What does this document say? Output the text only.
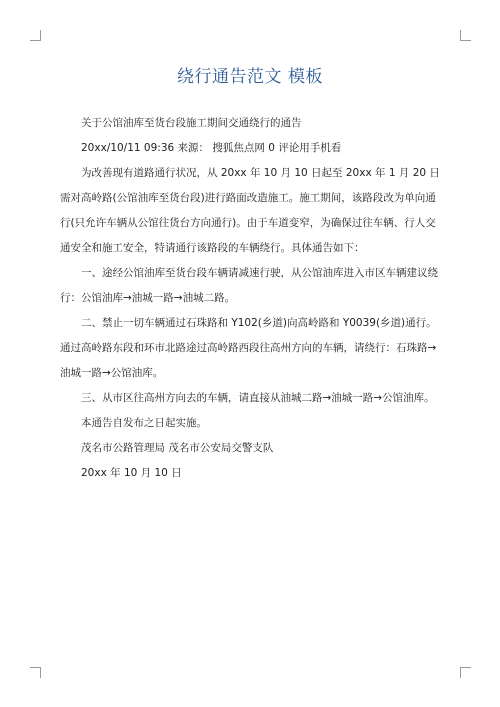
绕行通告范文 模板

关于公馆油库至货台段施工期间交通绕行的通告

20xx/10/11 09:36 来源： 搜狐焦点网 0 评论用手机看

为改善现有道路通行状况，从 20xx 年 10 月 10 日起至 20xx 年 1 月 20 日需对高岭路(公馆油库至货台段)进行路面改造施工。施工期间，该路段改为单向通行(只允许车辆从公馆往货台方向通行)。由于车道变窄，为确保过往车辆、行人交通安全和施工安全，特请通行该路段的车辆绕行。具体通告如下：

一、途经公馆油库至货台段车辆请减速行驶，从公馆油库进入市区车辆建议绕行：公馆油库→油城一路→油城二路。

二、禁止一切车辆通过石珠路和 Y102(乡道)向高岭路和 Y0039(乡道)通行。通过高岭路东段和环市北路途过高岭路西段往高州方向的车辆，请绕行：石珠路→油城一路→公馆油库。

三、从市区往高州方向去的车辆，请直接从油城二路→油城一路→公馆油库。

本通告自发布之日起实施。

茂名市公路管理局 茂名市公安局交警支队

20xx 年 10 月 10 日
